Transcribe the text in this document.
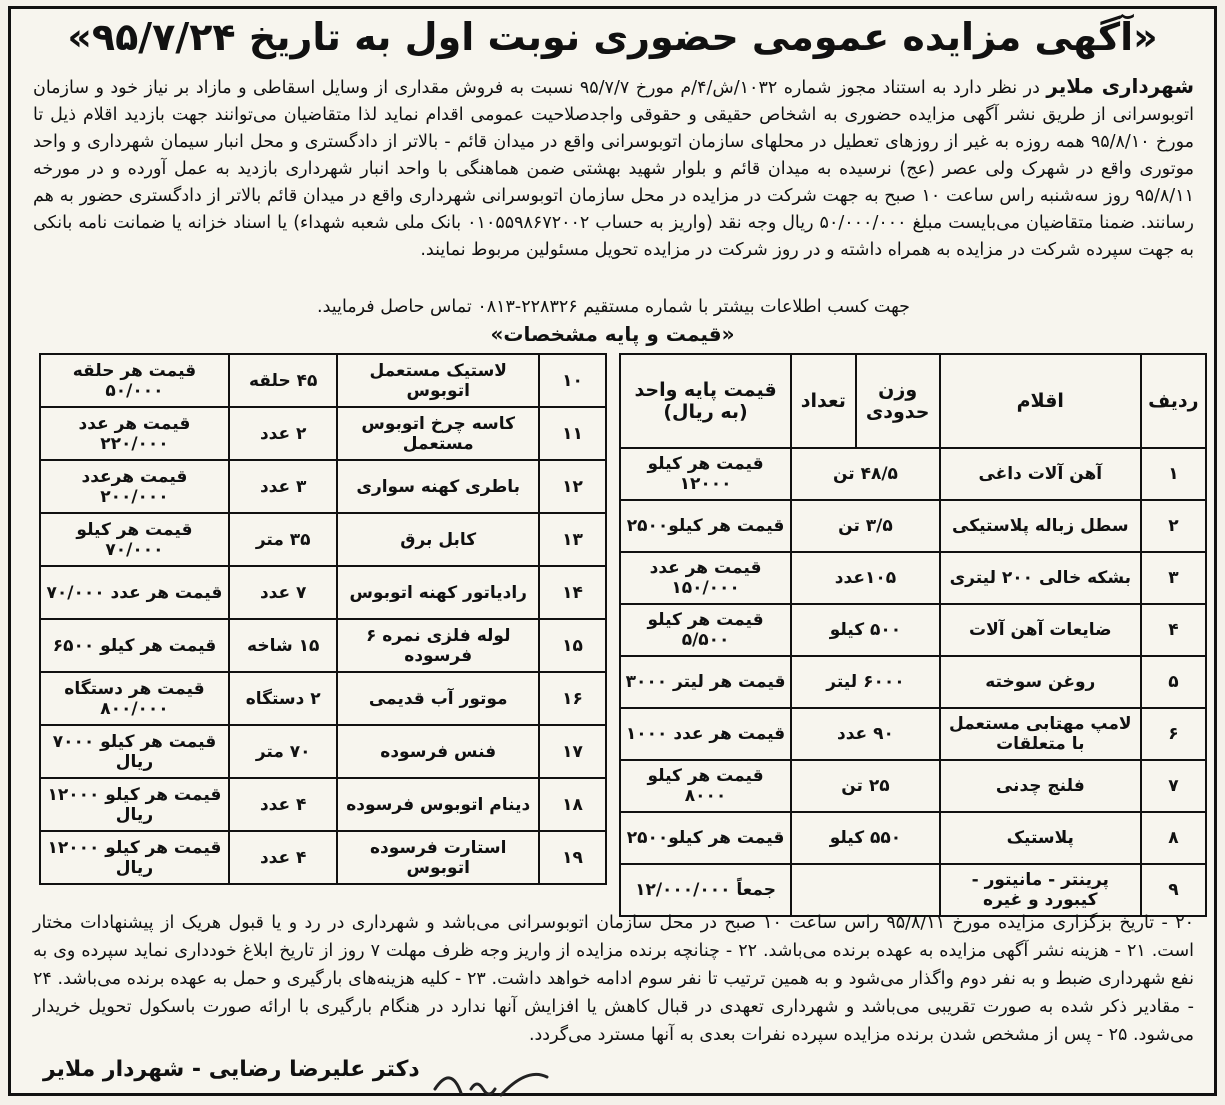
«آگهی مزایده عمومی حضوری نوبت اول به تاریخ ۹۵/۷/۲۴»
شهرداری ملایر در نظر دارد به استناد مجوز شماره ۱۰۳۲/ش/۴/م مورخ ۹۵/۷/۷ نسبت به فروش مقداری از وسایل اسقاطی و مازاد بر نیاز خود و سازمان اتوبوسرانی از طریق نشر آگهی مزایده حضوری به اشخاص حقیقی و حقوقی واجدصلاحیت عمومی اقدام نماید لذا متقاضیان می‌توانند جهت بازدید اقلام ذیل تا مورخ ۹۵/۸/۱۰ همه روزه به غیر از روزهای تعطیل در محلهای سازمان اتوبوسرانی واقع در میدان قائم - بالاتر از دادگستری و محل انبار سیمان شهرداری و واحد موتوری واقع در شهرک ولی عصر (عج) نرسیده به میدان قائم و بلوار شهید بهشتی ضمن هماهنگی با واحد انبار شهرداری بازدید به عمل آورده و در مورخه ۹۵/۸/۱۱ روز سه‌شنبه راس ساعت ۱۰ صبح به جهت شرکت در مزایده در محل سازمان اتوبوسرانی شهرداری واقع در میدان قائم بالاتر از دادگستری حضور به هم رسانند. ضمنا متقاضیان می‌بایست مبلغ ۵۰/۰۰۰/۰۰۰ ریال وجه نقد (واریز به حساب ۰۱۰۵۵۹۸۶۷۲۰۰۲ بانک ملی شعبه شهداء) یا اسناد خزانه یا ضمانت نامه بانکی به جهت سپرده شرکت در مزایده به همراه داشته و در روز شرکت در مزایده تحویل مسئولین مربوط نمایند.
جهت کسب اطلاعات بیشتر با شماره مستقیم ۲۲۸۳۲۶-۰۸۱۳ تماس حاصل فرمایید.
«قیمت و پایه مشخصات»
ردیف	اقلام	وزن حدودی	تعداد	قیمت پایه واحد (به ریال)
۱	آهن آلات داغی	۴۸/۵ تن		قیمت هر کیلو ۱۲۰۰۰
۲	سطل زباله پلاستیکی	۳/۵ تن		قیمت هر کیلو۲۵۰۰
۳	بشکه خالی ۲۰۰ لیتری	۱۰۵عدد		قیمت هر عدد ۱۵۰/۰۰۰
۴	ضایعات آهن آلات	۵۰۰ کیلو		قیمت هر کیلو ۵/۵۰۰
۵	روغن سوخته	۶۰۰۰ لیتر		قیمت هر لیتر ۳۰۰۰
۶	لامپ مهتابی مستعمل با متعلقات	۹۰ عدد		قیمت هر عدد ۱۰۰۰
۷	فلنج چدنی	۲۵ تن		قیمت هر کیلو ۸۰۰۰
۸	پلاستیک	۵۵۰ کیلو		قیمت هر کیلو۲۵۰۰
۹	پرینتر - مانیتور - کیبورد و غیره			جمعاً ۱۲/۰۰۰/۰۰۰
۱۰	لاستیک مستعمل اتوبوس	۴۵ حلقه	قیمت هر حلقه ۵۰/۰۰۰
۱۱	کاسه چرخ اتوبوس مستعمل	۲ عدد	قیمت هر عدد ۲۲۰/۰۰۰
۱۲	باطری کهنه سواری	۳ عدد	قیمت هرعدد ۲۰۰/۰۰۰
۱۳	کابل برق	۳۵ متر	قیمت هر کیلو ۷۰/۰۰۰
۱۴	رادیاتور کهنه اتوبوس	۷ عدد	قیمت هر عدد ۷۰/۰۰۰
۱۵	لوله فلزی نمره ۶ فرسوده	۱۵ شاخه	قیمت هر کیلو ۶۵۰۰
۱۶	موتور آب قدیمی	۲ دستگاه	قیمت هر دستگاه ۸۰۰/۰۰۰
۱۷	فنس فرسوده	۷۰ متر	قیمت هر کیلو ۷۰۰۰ ریال
۱۸	دینام اتوبوس فرسوده	۴ عدد	قیمت هر کیلو ۱۲۰۰۰ ریال
۱۹	استارت فرسوده اتوبوس	۴ عدد	قیمت هر کیلو ۱۲۰۰۰ ریال
۲۰ - تاریخ بزگزاری مزایده مورخ ۹۵/۸/۱۱ راس ساعت ۱۰ صبح در محل سازمان اتوبوسرانی می‌باشد و شهرداری در رد و یا قبول هریک از پیشنهادات مختار است. ۲۱ - هزینه نشر آگهی مزایده به عهده برنده می‌باشد. ۲۲ - چنانچه برنده مزایده از واریز وجه ظرف مهلت ۷ روز از تاریخ ابلاغ خودداری نماید سپرده وی به نفع شهرداری ضبط و به نفر دوم واگذار می‌شود و به همین ترتیب تا نفر سوم ادامه خواهد داشت. ۲۳ - کلیه هزینه‌های بارگیری و حمل به عهده برنده می‌باشد. ۲۴ - مقادیر ذکر شده به صورت تقریبی می‌باشد و شهرداری تعهدی در قبال کاهش یا افزایش آنها ندارد در هنگام بارگیری با ارائه صورت باسکول تحویل خریدار می‌شود. ۲۵ - پس از مشخص شدن برنده مزایده سپرده نفرات بعدی به آنها مسترد می‌گردد.
دکتر علیرضا رضایی - شهردار ملایر
